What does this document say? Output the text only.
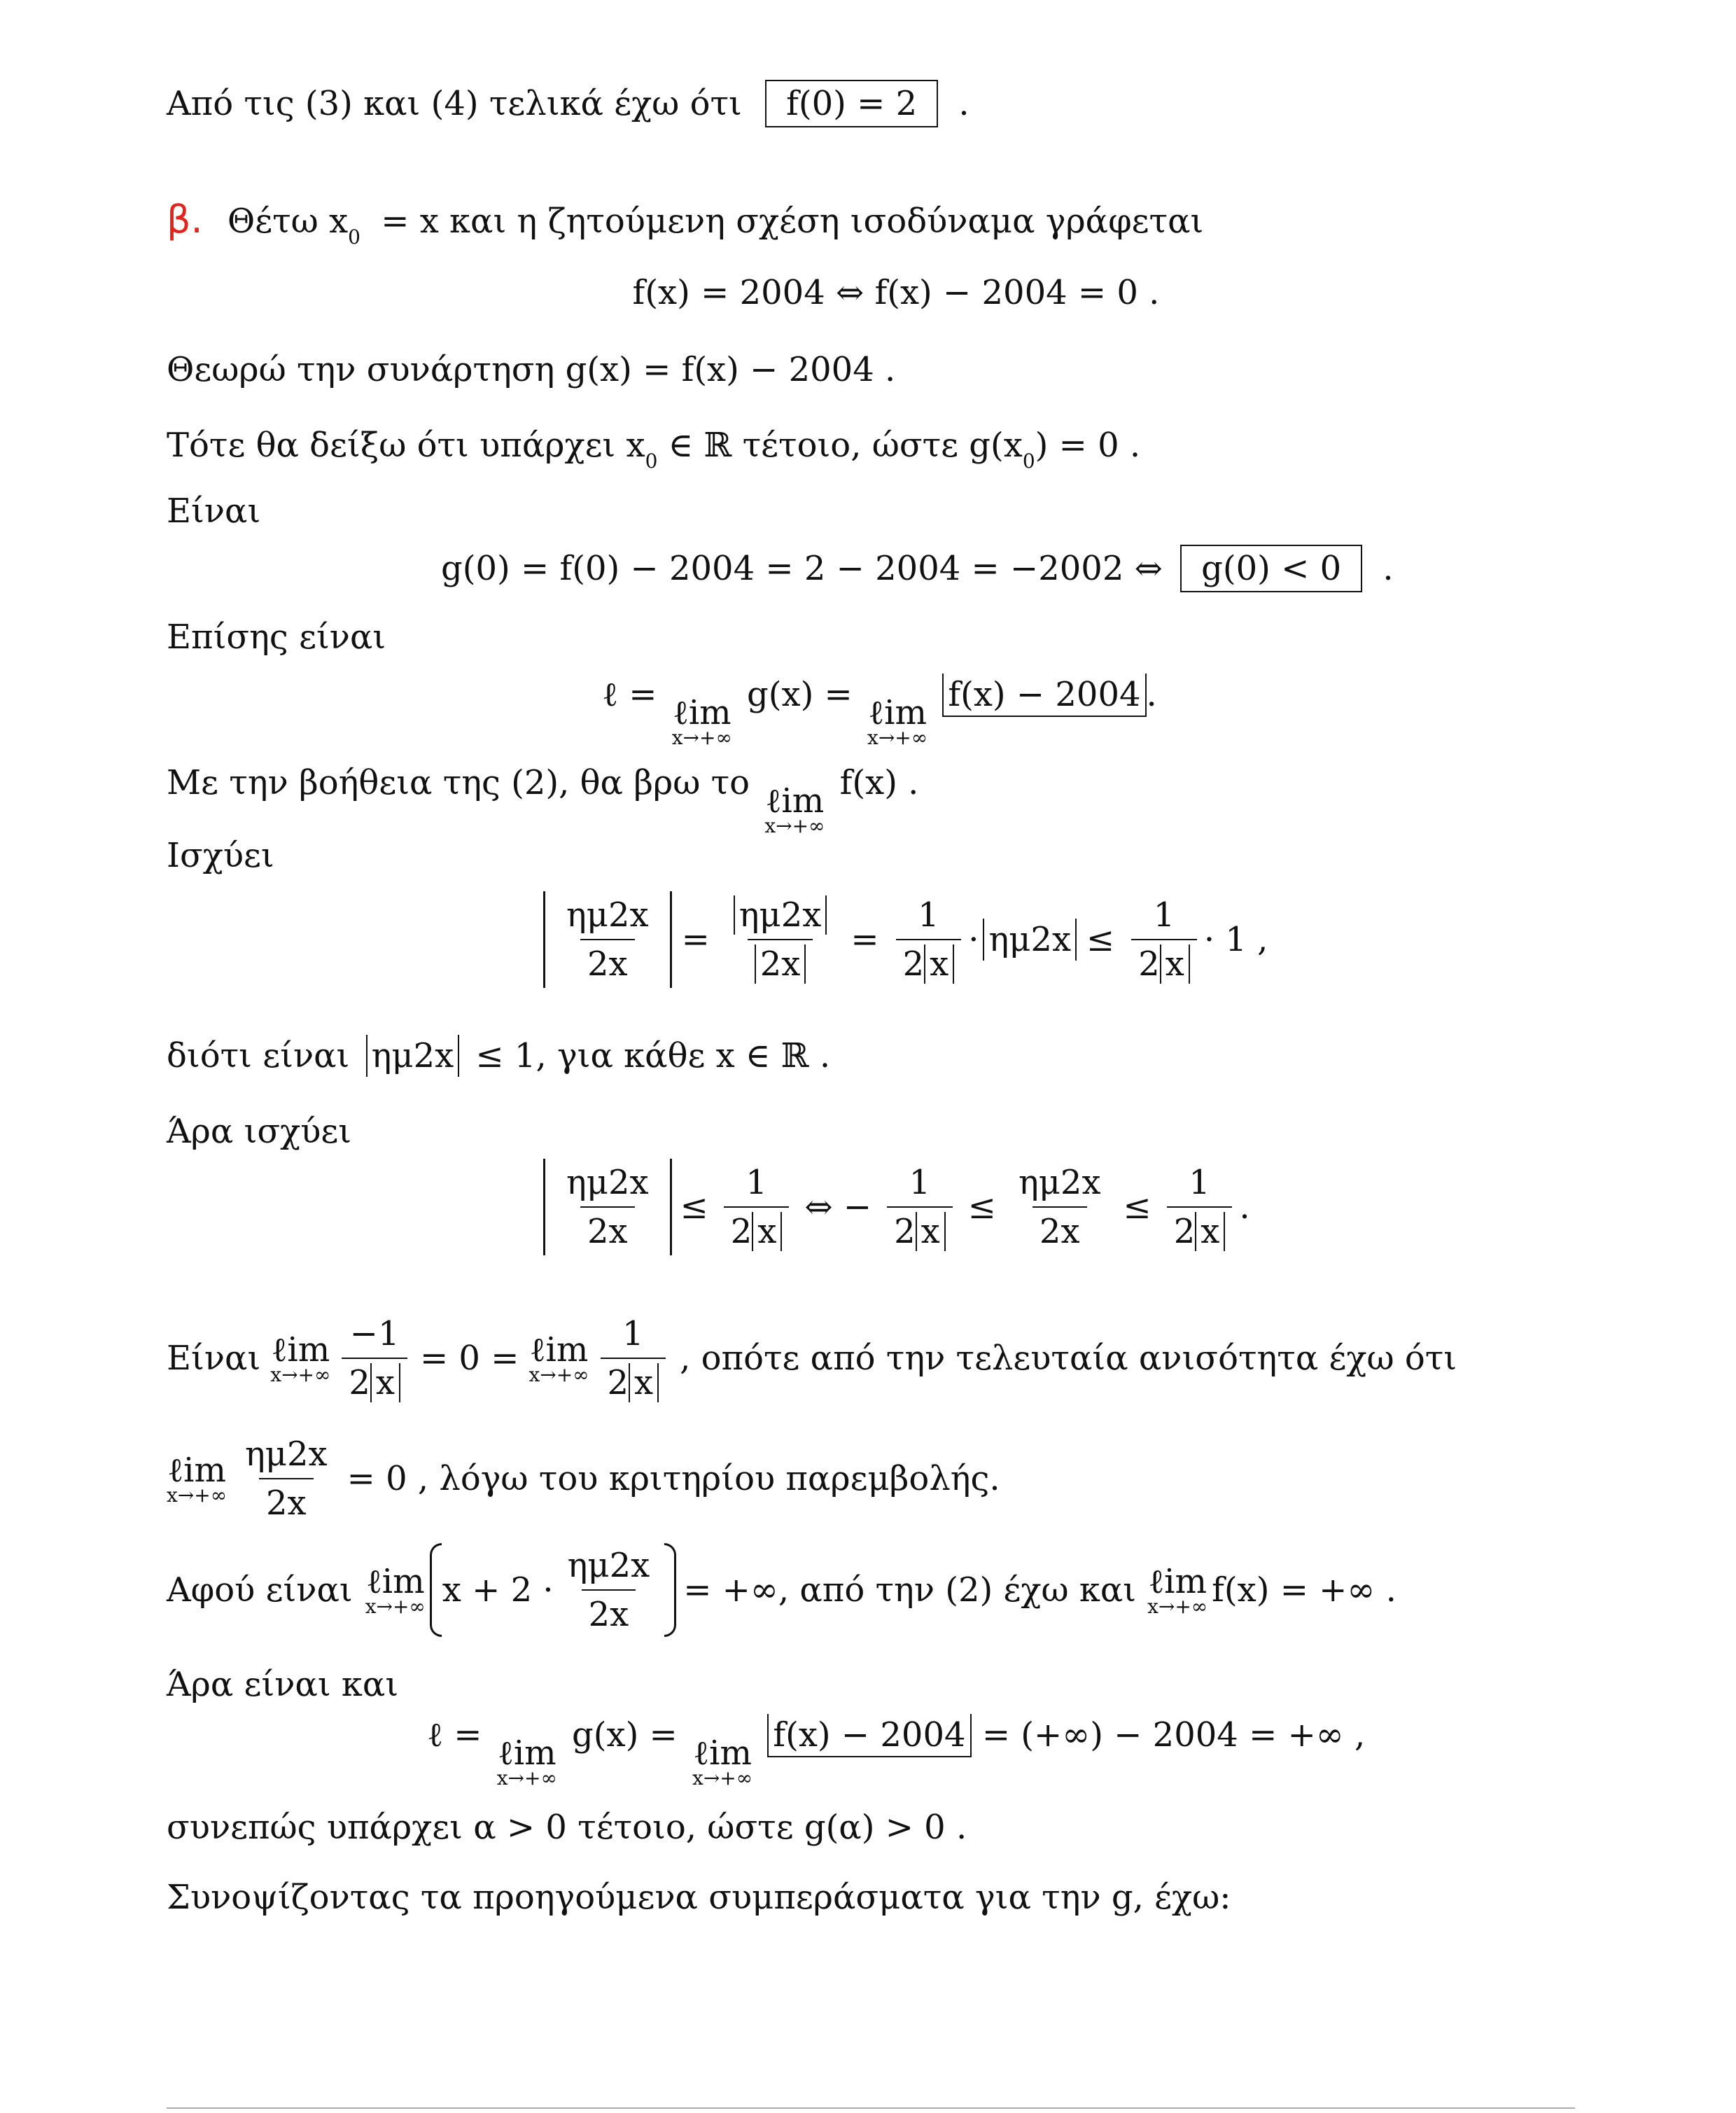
Από τις (3) και (4) τελικά έχω ότι f(0) = 2 .
β. Θέτω $x_0 = x$ και η ζητούμενη σχέση ισοδύναμα γράφεται
f(x) = 2004 ⇔ f(x) − 2004 = 0 .
Θεωρώ την συνάρτηση g(x) = f(x) − 2004 .
Τότε θα δείξω ότι υπάρχει $x_0$ ∈ ℝ τέτοιο, ώστε $g(x_0) = 0$ .
Είναι
g(0) = f(0) − 2004 = 2 − 2004 = −2002 ⇔ g(0) < 0 .
Επίσης είναι
ℓ = ℓim
x→+∞
g(x) = ℓim
x→+∞
f(x) − 2004 .
Με την βοήθεια της (2), θα βρω το ℓim
x→+∞
f(x) .
Ισχύει
$\frac{\eta\mu 2x}{2x} = \frac{\eta\mu 2x}{2x} = \frac{1}{2 x} \cdot \eta\mu 2x \le \frac{1}{2 x} \cdot 1$ ,
διότι είναι ημ2x ≤ 1, για κάθε x ∈ ℝ .
Άρα ισχύει
$\frac{\eta\mu 2x}{2x} \le \frac{1}{2 x}$ ⇔ − $\frac{1}{2 x} \le \frac{\eta\mu 2x}{2x} \le \frac{1}{2 x}$ .
Είναι ℓim
$x\to+\infty \frac{-1}{2 x} = 0$ = ℓim
$x\to+\infty \frac{1}{2 x}$ , οπότε από την τελευταία ανισότητα έχω ότι
ℓim
$x\to+\infty \frac{\eta\mu 2x}{2x} = 0$ , λόγω του κριτηρίου παρεμβολής.
Αφού είναι ℓim
x→+∞ $x + 2 \cdot \frac{\eta\mu 2x}{2x}$ = +∞, από την (2) έχω και ℓim
x→+∞ f(x) = +∞ .
Άρα είναι και
ℓ = ℓim
x→+∞
g(x) = ℓim
x→+∞
f(x) − 2004 = (+∞) − 2004 = +∞ ,
συνεπώς υπάρχει α > 0 τέτοιο, ώστε g(α) > 0 .
Συνοψίζοντας τα προηγούμενα συμπεράσματα για την g, έχω:
